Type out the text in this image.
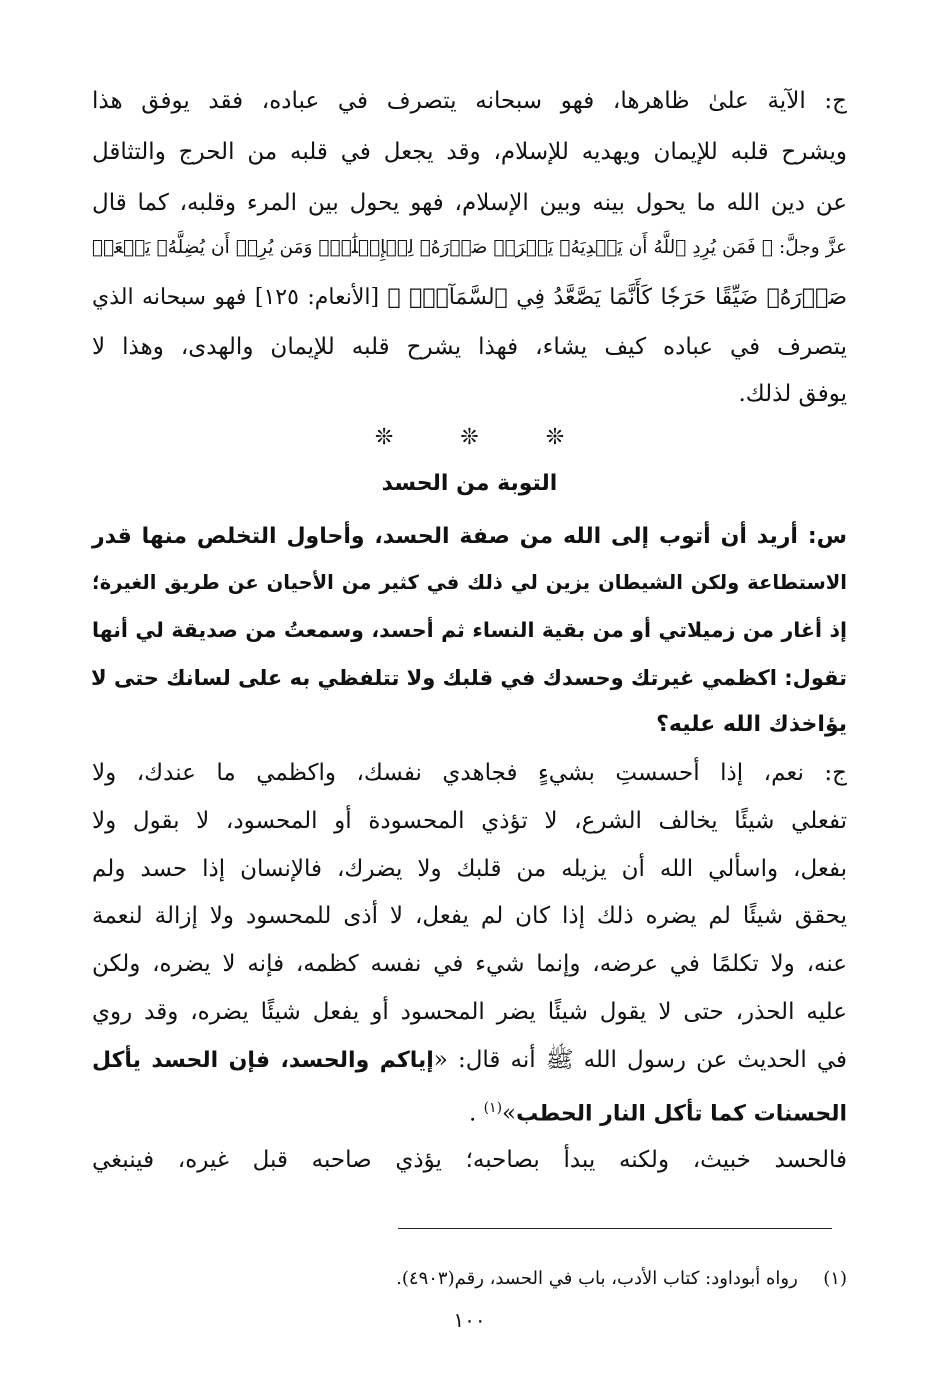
ج: الآية علىٰ ظاهرها، فهو سبحانه يتصرف في عباده، فقد يوفق هذا
ويشرح قلبه للإيمان ويهديه للإسلام، وقد يجعل في قلبه من الحرج والتثاقل
عن دين الله ما يحول بينه وبين الإسلام، فهو يحول بين المرء وقلبه، كما قال
عزَّ وجلَّ: ﴿ فَمَن يُرِدِ ٱللَّهُ أَن يَهۡدِيَهُۥ يَشۡرَحۡ صَدۡرَهُۥ لِلۡإِسۡلَٰمِۖ وَمَن يُرِدۡ أَن يُضِلَّهُۥ يَجۡعَلۡ
صَدۡرَهُۥ ضَيِّقًا حَرَجٗا كَأَنَّمَا يَصَّعَّدُ فِي ٱلسَّمَآءِۚ ﴾ [الأنعام: ١٢٥] فهو سبحانه الذي
يتصرف في عباده كيف يشاء، فهذا يشرح قلبه للإيمان والهدى، وهذا لا
يوفق لذلك.
❊	❊	❊
التوبة من الحسد
س: أريد أن أتوب إلى الله من صفة الحسد، وأحاول التخلص منها قدر
الاستطاعة ولكن الشيطان يزين لي ذلك في كثير من الأحيان عن طريق الغيرة؛
إذ أغار من زميلاتي أو من بقية النساء ثم أحسد، وسمعتُ من صديقة لي أنها
تقول: اكظمي غيرتك وحسدك في قلبك ولا تتلفظي به على لسانك حتى لا
يؤاخذك الله عليه؟
ج: نعم، إذا أحسستِ بشيءٍ فجاهدي نفسك، واكظمي ما عندك، ولا
تفعلي شيئًا يخالف الشرع، لا تؤذي المحسودة أو المحسود، لا بقول ولا
بفعل، واسألي الله أن يزيله من قلبك ولا يضرك، فالإنسان إذا حسد ولم
يحقق شيئًا لم يضره ذلك إذا كان لم يفعل، لا أذى للمحسود ولا إزالة لنعمة
عنه، ولا تكلمًا في عرضه، وإنما شيء في نفسه كظمه، فإنه لا يضره، ولكن
عليه الحذر، حتى لا يقول شيئًا يضر المحسود أو يفعل شيئًا يضره، وقد روي
في الحديث عن رسول الله ﷺ أنه قال: «إياكم والحسد، فإن الحسد يأكل
الحسنات كما تأكل النار الحطب»$^{(١)}$ .
فالحسد خبيث، ولكنه يبدأ بصاحبه؛ يؤذي صاحبه قبل غيره، فينبغي
(١)  رواه أبوداود: كتاب الأدب، باب في الحسد، رقم(٤٩٠٣).
١٠٠
